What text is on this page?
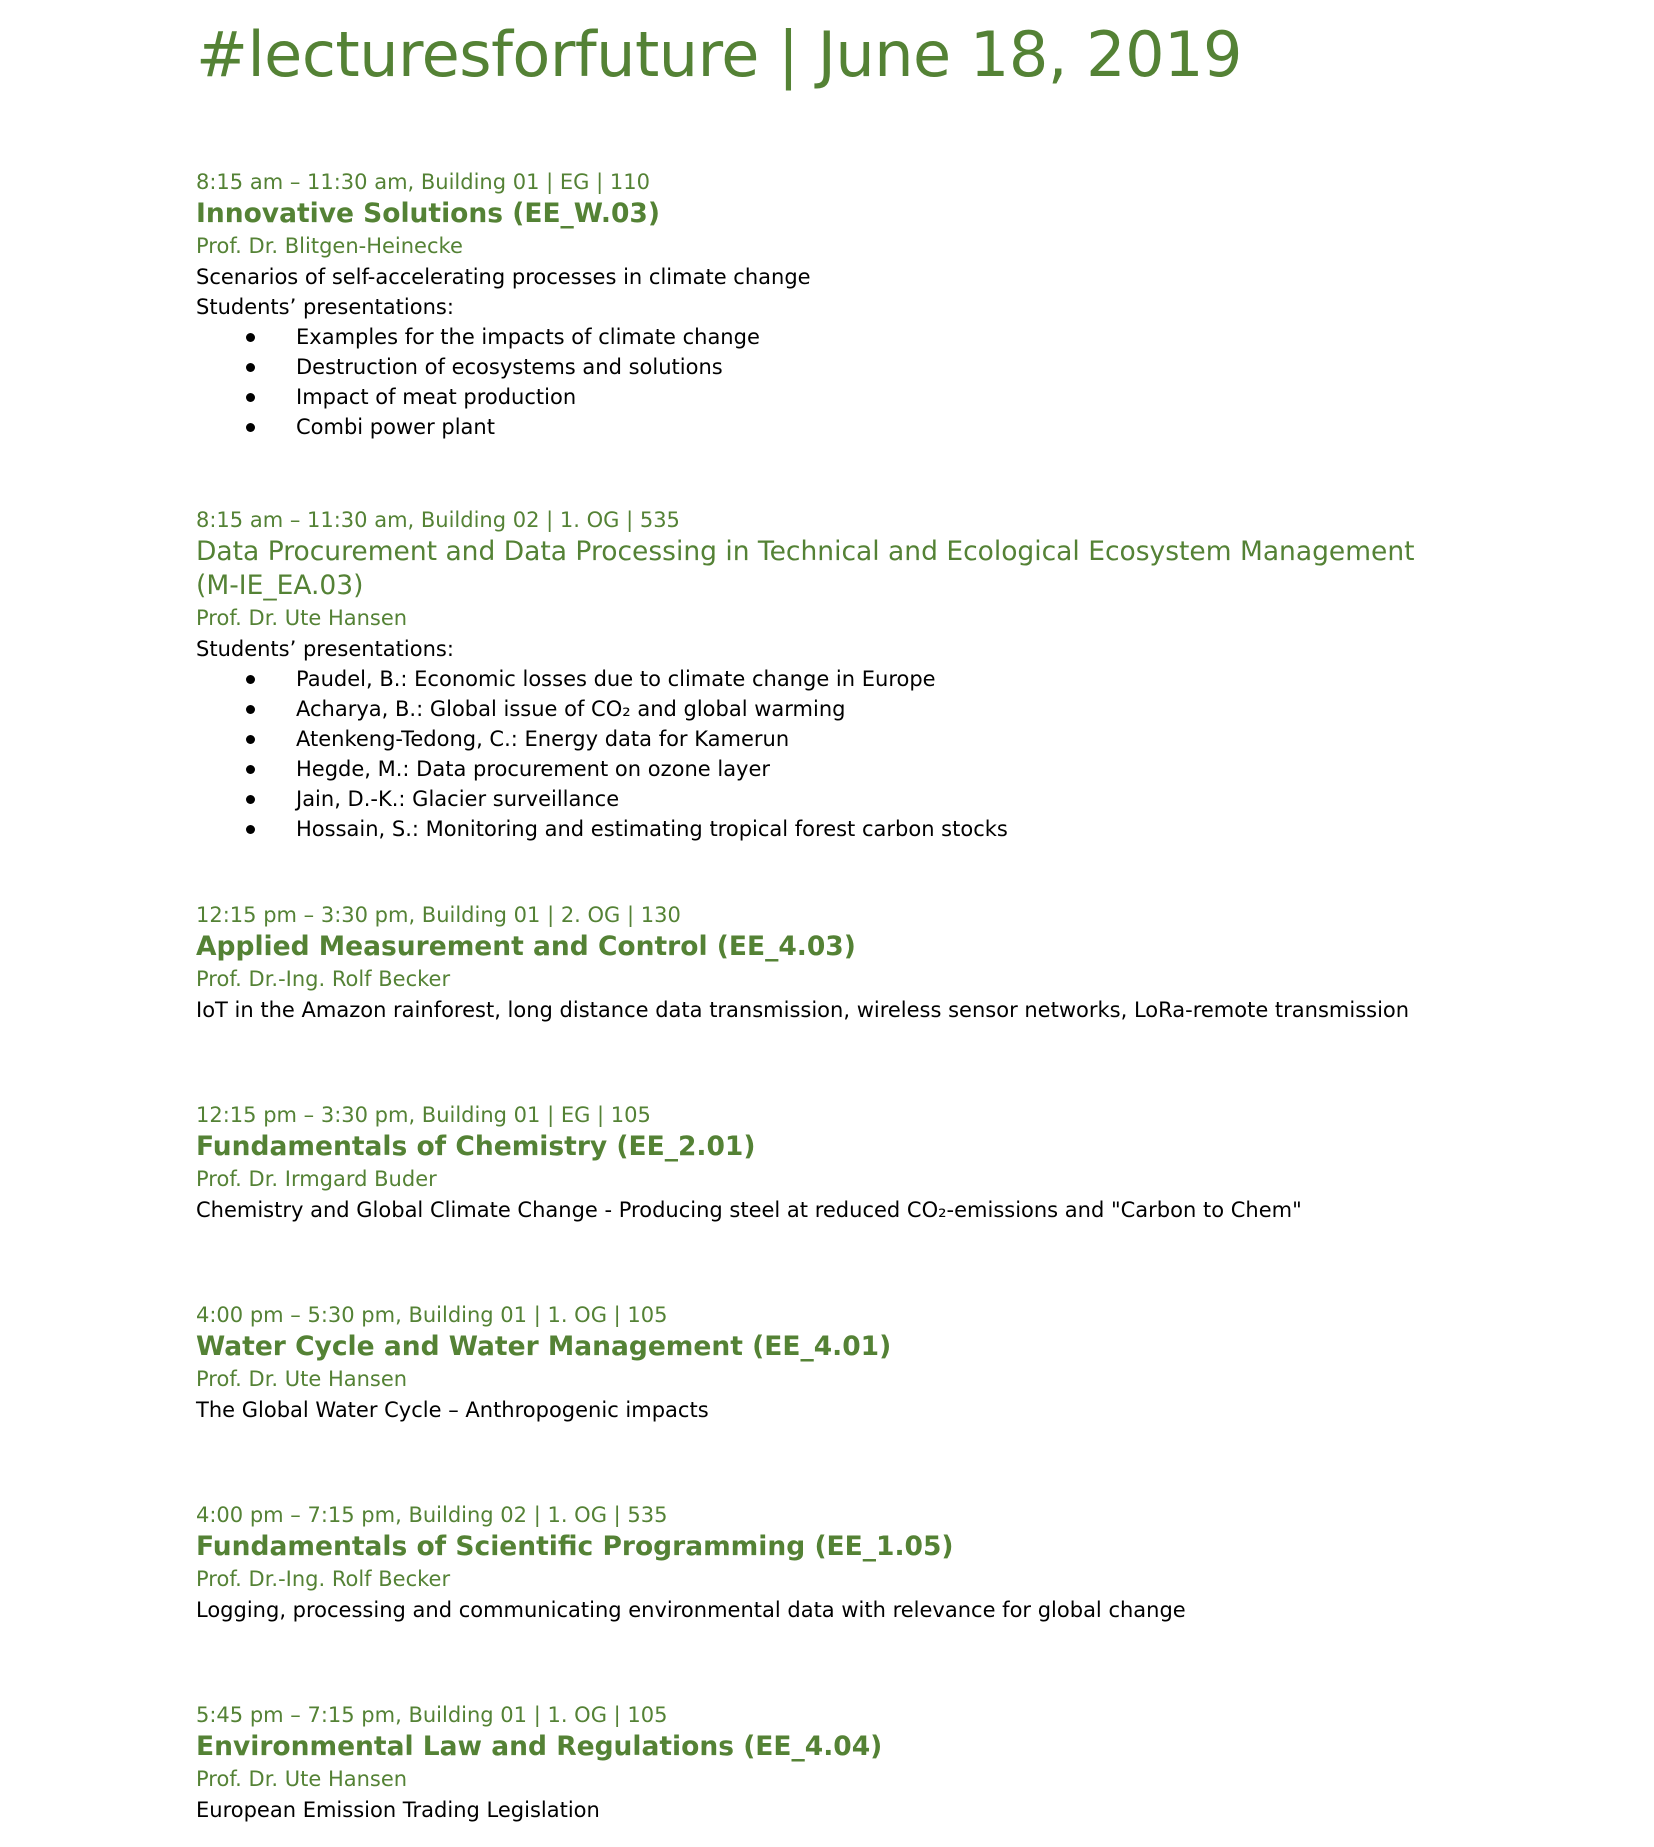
#lecturesforfuture | June 18, 2019
8:15 am – 11:30 am, Building 01 | EG | 110
Innovative Solutions (EE_W.03)
Prof. Dr. Blitgen-Heinecke
Scenarios of self-accelerating processes in climate change
Students’ presentations:
Examples for the impacts of climate change
Destruction of ecosystems and solutions
Impact of meat production
Combi power plant
8:15 am – 11:30 am, Building 02 | 1. OG | 535
Data Procurement and Data Processing in Technical and Ecological Ecosystem Management
(M-IE_EA.03)
Prof. Dr. Ute Hansen
Students’ presentations:
Paudel, B.: Economic losses due to climate change in Europe
Acharya, B.: Global issue of CO₂ and global warming
Atenkeng-Tedong, C.: Energy data for Kamerun
Hegde, M.: Data procurement on ozone layer
Jain, D.-K.: Glacier surveillance
Hossain, S.: Monitoring and estimating tropical forest carbon stocks
12:15 pm – 3:30 pm, Building 01 | 2. OG | 130
Applied Measurement and Control (EE_4.03)
Prof. Dr.-Ing. Rolf Becker
IoT in the Amazon rainforest, long distance data transmission, wireless sensor networks, LoRa-remote transmission
12:15 pm – 3:30 pm, Building 01 | EG | 105
Fundamentals of Chemistry (EE_2.01)
Prof. Dr. Irmgard Buder
Chemistry and Global Climate Change - Producing steel at reduced CO₂-emissions and "Carbon to Chem"
4:00 pm – 5:30 pm, Building 01 | 1. OG | 105
Water Cycle and Water Management (EE_4.01)
Prof. Dr. Ute Hansen
The Global Water Cycle – Anthropogenic impacts
4:00 pm – 7:15 pm, Building 02 | 1. OG | 535
Fundamentals of Scientific Programming (EE_1.05)
Prof. Dr.-Ing. Rolf Becker
Logging, processing and communicating environmental data with relevance for global change
5:45 pm – 7:15 pm, Building 01 | 1. OG | 105
Environmental Law and Regulations (EE_4.04)
Prof. Dr. Ute Hansen
European Emission Trading Legislation
